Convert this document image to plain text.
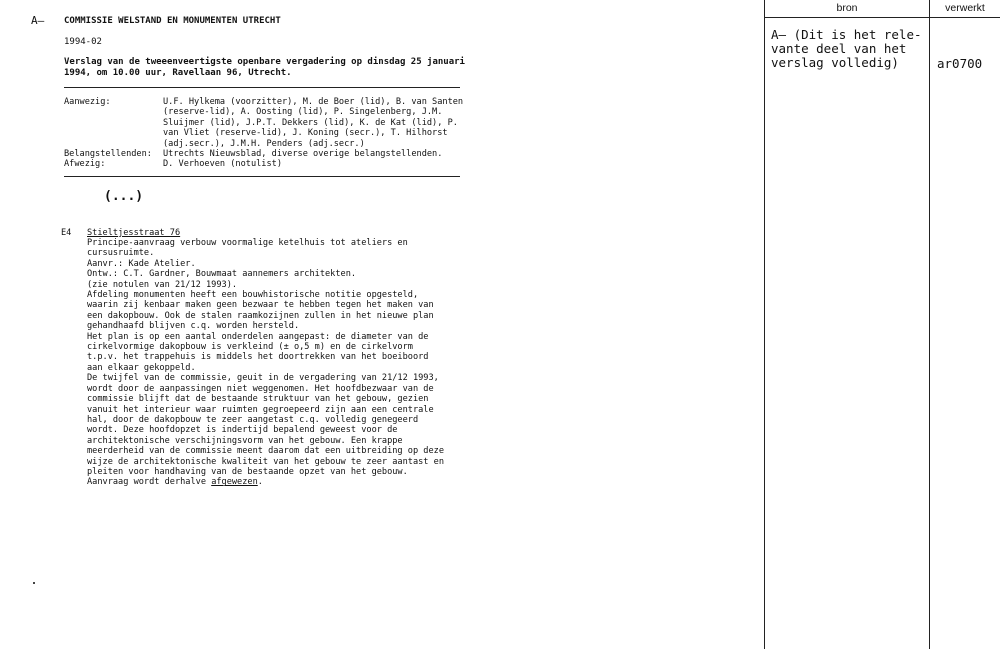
A— COMMISSIE WELSTAND EN MONUMENTEN UTRECHT
1994-02
Verslag van de tweeenveertigste openbare vergadering op dinsdag 25 januari
1994, om 10.00 uur, Ravellaan 96, Utrecht.
Aanwezig:	U.F. Hylkema (voorzitter), M. de Boer (lid), B. van Santen
(reserve-lid), A. Oosting (lid), P. Singelenberg, J.M.
Sluijmer (lid), J.P.T. Dekkers (lid), K. de Kat (lid), P.
van Vliet (reserve-lid), J. Koning (secr.), T. Hilhorst
(adj.secr.), J.M.H. Penders (adj.secr.)
Belangstellenden: Utrechts Nieuwsblad, diverse overige belangstellenden.
Afwezig:	D. Verhoeven (notulist)
(...)
E4 Stieltjesstraat 76
Principe-aanvraag verbouw voormalige ketelhuis tot ateliers en
cursusruimte.
Aanvr.: Kade Atelier.
Ontw.: C.T. Gardner, Bouwmaat aannemers architekten.
(zie notulen van 21/12 1993).
Afdeling monumenten heeft een bouwhistorische notitie opgesteld,
waarin zij kenbaar maken geen bezwaar te hebben tegen het maken van
een dakopbouw. Ook de stalen raamkozijnen zullen in het nieuwe plan
gehandhaafd blijven c.q. worden hersteld.
Het plan is op een aantal onderdelen aangepast: de diameter van de
cirkelvormige dakopbouw is verkleind (± o,5 m) en de cirkelvorm
t.p.v. het trappehuis is middels het doortrekken van het boeiboord
aan elkaar gekoppeld.
De twijfel van de commissie, geuit in de vergadering van 21/12 1993,
wordt door de aanpassingen niet weggenomen. Het hoofdbezwaar van de
commissie blijft dat de bestaande struktuur van het gebouw, gezien
vanuit het interieur waar ruimten gegroepeerd zijn aan een centrale
hal, door de dakopbouw te zeer aangetast c.q. volledig genegeerd
wordt. Deze hoofdopzet is indertijd bepalend geweest voor de
architektonische verschijningsvorm van het gebouw. Een krappe
meerderheid van de commissie meent daarom dat een uitbreiding op deze
wijze de architektonische kwaliteit van het gebouw te zeer aantast en
pleiten voor handhaving van de bestaande opzet van het gebouw.
Aanvraag wordt derhalve afgewezen.
bron	verwerkt
A— (Dit is het rele-
vante deel van het
verslag volledig)	ar0700
